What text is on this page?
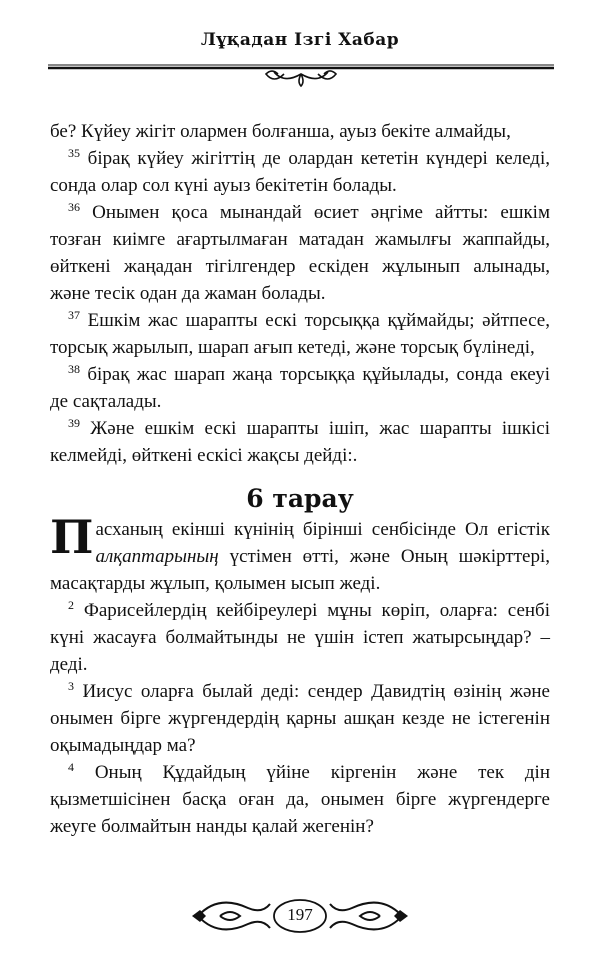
Лұқадан Ізгі Хабар

бе? Күйеу жігіт олармен болғанша, ауыз бекіте алмайды,

$^{35}$ бірақ күйеу жігіттің де олардан кететін күндері келеді, сонда олар сол күні ауыз бекітетін болады.

$^{36}$ Онымен қоса мынандай өсиет әңгіме айтты: ешкім тозған киімге ағартылмаған матадан жамылғы жаппайды, өйткені жаңадан тігілгендер ескіден жұлынып алынады, және тесік одан да жаман болады.

$^{37}$ Ешкім жас шарапты ескі торсыққа құймайды; әйтпесе, торсық жарылып, шарап ағып кетеді, және торсық бүлінеді,

$^{38}$ бірақ жас шарап жаңа торсыққа құйылады, сонда екеуі де сақталады.

$^{39}$ Және ешкім ескі шарапты ішіп, жас шарапты ішкісі келмейді, өйткені ескісі жақсы дейді:.

6 тарау

Пасханың екінші күнінің бірінші сенбісінде Ол егістік алқаптарының үстімен өтті, және Оның шәкірттері, масақтарды жұлып, қолымен ысып жеді.

$^2$ Фарисейлердің кейбіреулері мұны көріп, оларға: сенбі күні жасауға болмайтынды не үшін істеп жатырсыңдар? – деді.

$^3$ Иисус оларға былай деді: сендер Давидтің өзінің және онымен бірге жүргендердің қарны ашқан кезде не істегенін оқымадыңдар ма?

$^4$ Оның Құдайдың үйіне кіргенін және тек дін қызметшісінен басқа оған да, онымен бірге жүргендерге жеуге болмайтын нанды қалай жегенін?

197
